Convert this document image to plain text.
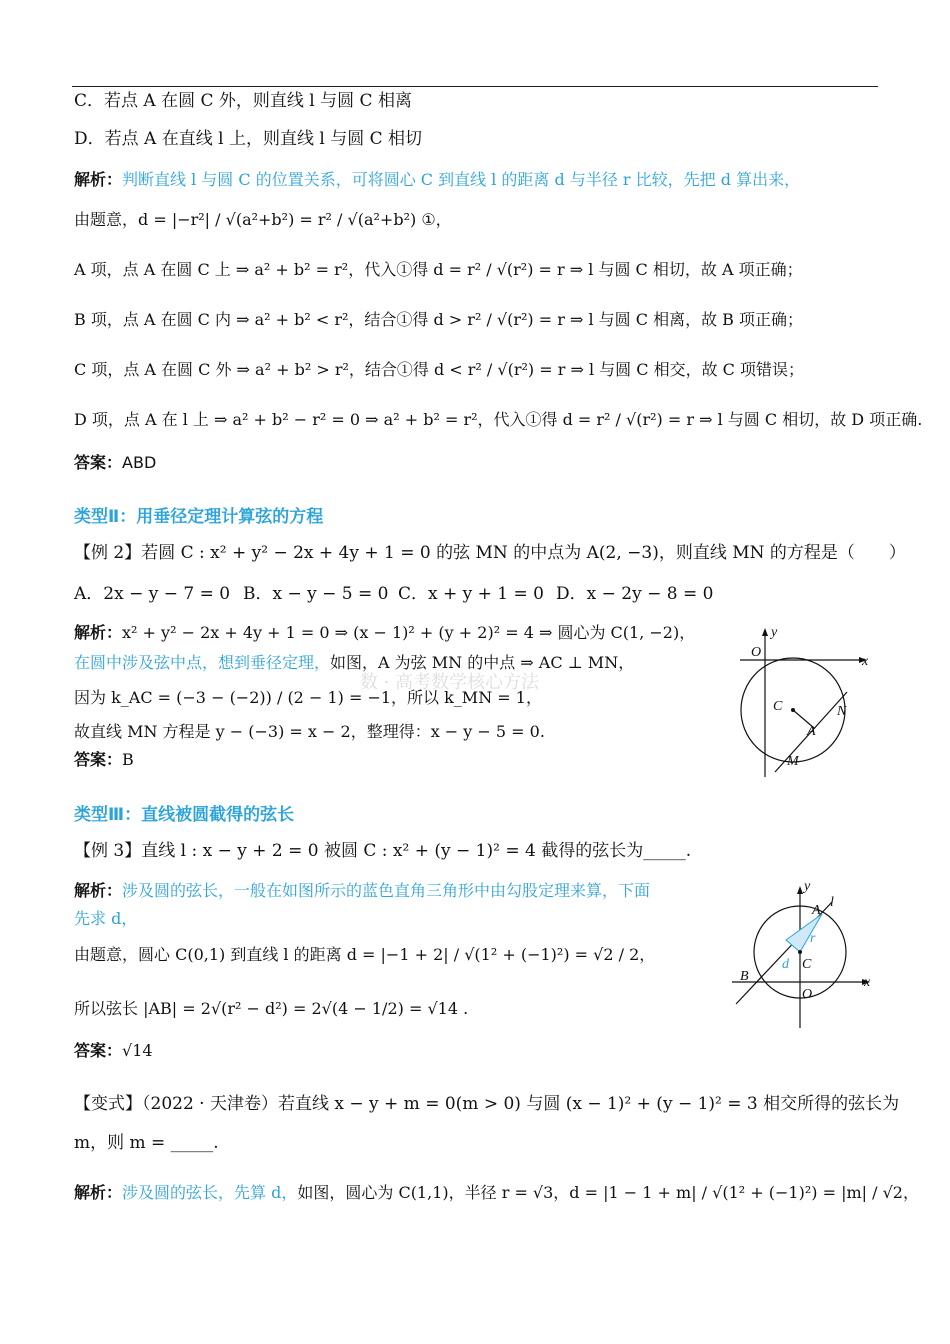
C．若点 A 在圆 C 外，则直线 l 与圆 C 相离
D．若点 A 在直线 l 上，则直线 l 与圆 C 相切
解析：判断直线 l 与圆 C 的位置关系，可将圆心 C 到直线 l 的距离 d 与半径 r 比较，先把 d 算出来，
由题意，d = |−r²| / √(a²+b²) = r² / √(a²+b²) ①，
A 项，点 A 在圆 C 上 ⇒ a² + b² = r²，代入①得 d = r² / √(r²) = r ⇒ l 与圆 C 相切，故 A 项正确；
B 项，点 A 在圆 C 内 ⇒ a² + b² < r²，结合①得 d > r² / √(r²) = r ⇒ l 与圆 C 相离，故 B 项正确；
C 项，点 A 在圆 C 外 ⇒ a² + b² > r²，结合①得 d < r² / √(r²) = r ⇒ l 与圆 C 相交，故 C 项错误；
D 项，点 A 在 l 上 ⇒ a² + b² − r² = 0 ⇒ a² + b² = r²，代入①得 d = r² / √(r²) = r ⇒ l 与圆 C 相切，故 D 项正确.
答案：ABD
类型Ⅱ：用垂径定理计算弦的方程
【例 2】若圆 C : x² + y² − 2x + 4y + 1 = 0 的弦 MN 的中点为 A(2, −3)，则直线 MN 的方程是（　　）
A．2x − y − 7 = 0 B．x − y − 5 = 0 C．x + y + 1 = 0 D．x − 2y − 8 = 0
解析：x² + y² − 2x + 4y + 1 = 0 ⇒ (x − 1)² + (y + 2)² = 4 ⇒ 圆心为 C(1, −2)，
在圆中涉及弦中点，想到垂径定理，如图，A 为弦 MN 的中点 ⇒ AC ⊥ MN，
因为 k_AC = (−3 − (−2)) / (2 − 1) = −1，所以 k_MN = 1，
故直线 MN 方程是 y − (−3) = x − 2，整理得：x − y − 5 = 0.
答案：B
数 · 高考数学核心方法
y
x
O
C	N
A
M
类型Ⅲ：直线被圆截得的弦长
【例 3】直线 l : x − y + 2 = 0 被圆 C : x² + (y − 1)² = 4 截得的弦长为_____.
解析：涉及圆的弦长，一般在如图所示的蓝色直角三角形中由勾股定理来算，下面
先求 d，
由题意，圆心 C(0,1) 到直线 l 的距离 d = |−1 + 2| / √(1² + (−1)²) = √2 / 2，
所以弦长 |AB| = 2√(r² − d²) = 2√(4 − 1/2) = √14 .
答案：√14
y
x
A
l
r
d C
B
O
【变式】（2022 · 天津卷）若直线 x − y + m = 0(m > 0) 与圆 (x − 1)² + (y − 1)² = 3 相交所得的弦长为
m，则 m = _____.
解析：涉及圆的弦长，先算 d，如图，圆心为 C(1,1)，半径 r = √3，d = |1 − 1 + m| / √(1² + (−1)²) = |m| / √2，
